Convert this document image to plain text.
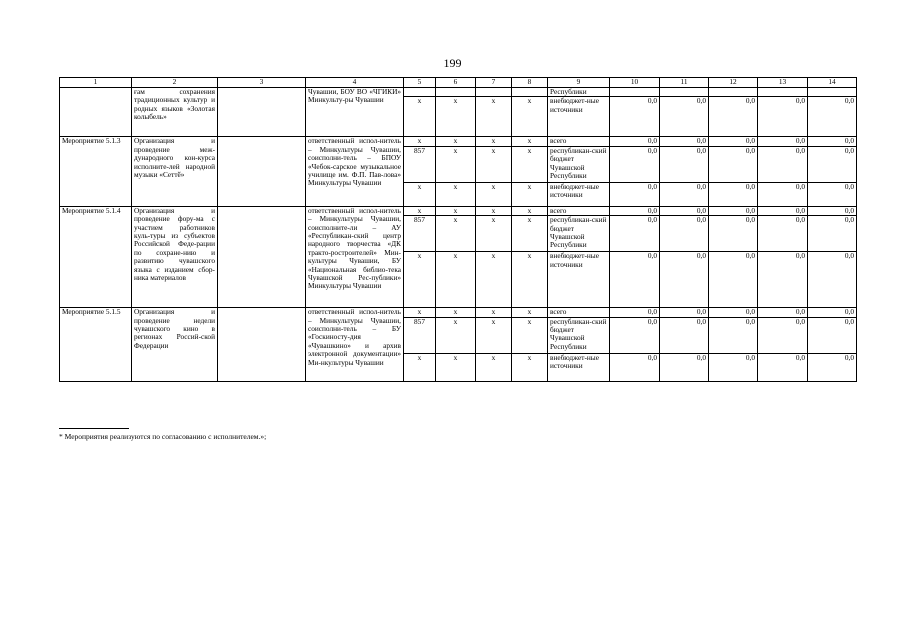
199
1	2	3	4	5	6	7	8	9	10	11	12	13	14
	ғам сохранения традиционных культур и родных языков «Золотая колыбель»		Чувашии, БОУ ВО «ЧГИКИ» Минкульту-ры Чувашии					Республики					
				x	x	x	x	внебюджет-ные источники	0,0	0,0	0,0	0,0	0,0
Мероприятие 5.1.3	Организация и проведение меж-дународного кон-курса исполните-лей народной музыки «Сеттӗ»		ответственный испол-нитель – Минкультуры Чувашии, соисполни-тель – БПОУ «Чебок-сарское музыкальное училище им. Ф.П. Пав-лова» Минкультуры Чувашии	x	x	x	x	всего	0,0	0,0	0,0	0,0	0,0
				857	x	x	x	республикан-ский бюджет Чувашской Республики	0,0	0,0	0,0	0,0	0,0
				x	x	x	x	внебюджет-ные источники	0,0	0,0	0,0	0,0	0,0
Мероприятие 5.1.4	Организация и проведение фору-ма с участием работников куль-туры из субъектов Российской Феде-рации по сохране-нию и развитию чувашского языка с изданием сбор-ника материалов		ответственный испол-нитель – Минкультуры Чувашии, соисполните-ли – АУ «Республикан-ский центр народного творчества «ДК тракто-ростроителей» Мин-культуры Чувашии, БУ «Национальная библио-тека Чувашской Рес-публики» Минкультуры Чувашии	x	x	x	x	всего	0,0	0,0	0,0	0,0	0,0
				857	x	x	x	республикан-ский бюджет Чувашской Республики	0,0	0,0	0,0	0,0	0,0
				x	x	x	x	внебюджет-ные источники	0,0	0,0	0,0	0,0	0,0
Мероприятие 5.1.5	Организация и проведение недели чувашского кино в регионах Россий-ской Федерации		ответственный испол-нитель – Минкультуры Чувашии, соисполни-тель – БУ «Госкиносту-дия «Чувашкино» и архив электронной документации» Ми-нкультуры Чувашии	x	x	x	x	всего	0,0	0,0	0,0	0,0	0,0
				857	x	x	x	республикан-ский бюджет Чувашской Республики	0,0	0,0	0,0	0,0	0,0
				x	x	x	x	внебюджет-ные источники	0,0	0,0	0,0	0,0	0,0
* Мероприятия реализуются по согласованию с исполнителем.»;
